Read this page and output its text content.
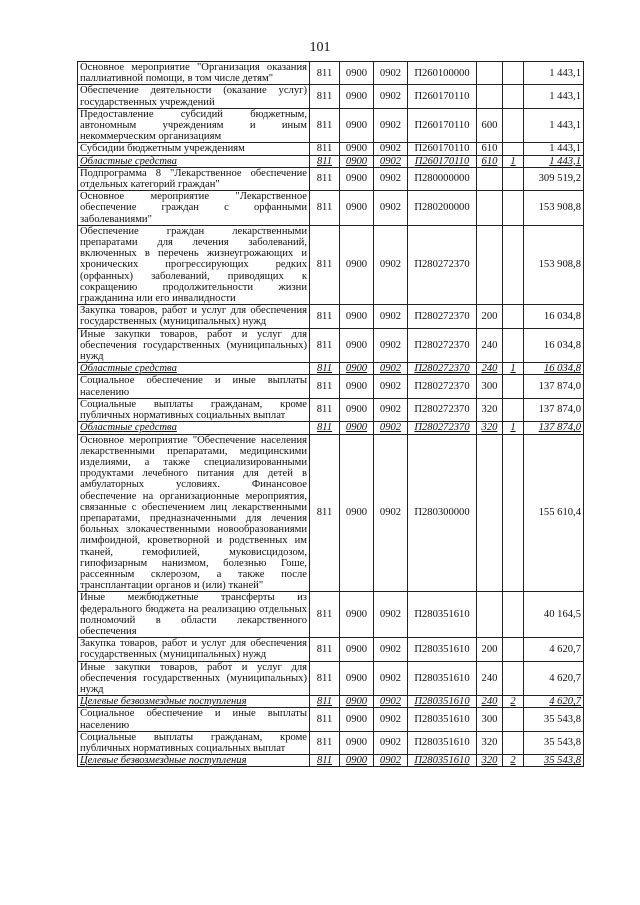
101
Основное мероприятие "Организация оказания паллиативной помощи, в том числе детям"	811	0900	0902	П260100000			1 443,1
Обеспечение деятельности (оказание услуг) государственных учреждений	811	0900	0902	П260170110			1 443,1
Предоставление субсидий бюджетным, автономным учреждениям и иным некоммерческим организациям	811	0900	0902	П260170110	600		1 443,1
Субсидии бюджетным учреждениям	811	0900	0902	П260170110	610		1 443,1
Областные средства	811	0900	0902	П260170110	610	1	1 443,1
Подпрограмма 8 "Лекарственное обеспечение отдельных категорий граждан"	811	0900	0902	П280000000			309 519,2
Основное мероприятие "Лекарственное обеспечение граждан с орфанными заболеваниями"	811	0900	0902	П280200000			153 908,8
Обеспечение граждан лекарственными препаратами для лечения заболеваний, включенных в перечень жизнеугрожающих и хронических прогрессирующих редких (орфанных) заболеваний, приводящих к сокращению продолжительности жизни гражданина или его инвалидности	811	0900	0902	П280272370			153 908,8
Закупка товаров, работ и услуг для обеспечения государственных (муниципальных) нужд	811	0900	0902	П280272370	200		16 034,8
Иные закупки товаров, работ и услуг для обеспечения государственных (муниципальных) нужд	811	0900	0902	П280272370	240		16 034,8
Областные средства	811	0900	0902	П280272370	240	1	16 034,8
Социальное обеспечение и иные выплаты населению	811	0900	0902	П280272370	300		137 874,0
Социальные выплаты гражданам, кроме публичных нормативных социальных выплат	811	0900	0902	П280272370	320		137 874,0
Областные средства	811	0900	0902	П280272370	320	1	137 874,0
Основное мероприятие "Обеспечение населения лекарственными препаратами, медицинскими изделиями, а также специализированными продуктами лечебного питания для детей в амбулаторных условиях. Финансовое обеспечение на организационные мероприятия, связанные с обеспечением лиц лекарственными препаратами, предназначенными для лечения больных злокачественными новообразованиями лимфоидной, кроветворной и родственных им тканей, гемофилией, муковисцидозом, гипофизарным нанизмом, болезнью Гоше, рассеянным склерозом, а также после трансплантации органов и (или) тканей"	811	0900	0902	П280300000			155 610,4
Иные межбюджетные трансферты из федерального бюджета на реализацию отдельных полномочий в области лекарственного обеспечения	811	0900	0902	П280351610			40 164,5
Закупка товаров, работ и услуг для обеспечения государственных (муниципальных) нужд	811	0900	0902	П280351610	200		4 620,7
Иные закупки товаров, работ и услуг для обеспечения государственных (муниципальных) нужд	811	0900	0902	П280351610	240		4 620,7
Целевые безвозмездные поступления	811	0900	0902	П280351610	240	2	4 620,7
Социальное обеспечение и иные выплаты населению	811	0900	0902	П280351610	300		35 543,8
Социальные выплаты гражданам, кроме публичных нормативных социальных выплат	811	0900	0902	П280351610	320		35 543,8
Целевые безвозмездные поступления	811	0900	0902	П280351610	320	2	35 543,8
